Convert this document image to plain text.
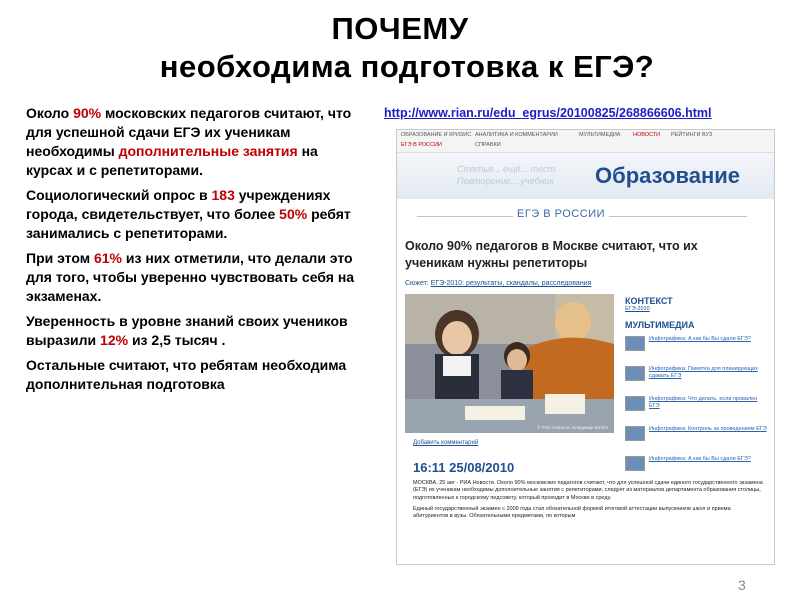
ПОЧЕМУ
необходима подготовка к ЕГЭ?

Около 90% московских педагогов считают, что для успешной сдачи ЕГЭ их ученикам необходимы дополнительные занятия на курсах и с репетиторами.

Социологический опрос в 183 учреждениях города, свидетельствует, что более 50% ребят занимались с репетиторами.

При этом 61% из них отметили, что делали это для того, чтобы уверенно чувствовать себя на экзаменах.

Уверенность в уровне знаний своих учеников выразили 12% из 2,5 тысяч .

Остальные считают, что ребятам необходима дополнительная подготовка

http://www.rian.ru/edu_egrus/20100825/268866606.html
ОБРАЗОВАНИЕ И КРИЗИС АНАЛИТИКА И КОММЕНТАРИИ	МУЛЬТИМЕДИА НОВОСТИ РЕЙТИНГИ ВУЗ
ЕГЭ В РОССИИ	СПРАВКИ
Статья... ещё... тест. Повторение... учебник	Образование
ЕГЭ В РОССИИ
Около 90% педагогов в Москве считают, что их ученикам нужны репетиторы
Сюжет: ЕГЭ-2010: результаты, скандалы, расследования
© РИА Новости. Владимир Вятkin
КОНТЕКСТ
ЕГЭ-2010
МУЛЬТИМЕДИА
Инфографика: А как бы Вы сдали ЕГЭ?
Инфографика: Памятка для планирующих сдавать ЕГЭ
Инфографика: Что делать, если провален ЕГЭ
Инфографика: Контроль за проведением ЕГЭ
Инфографика: А как бы Вы сдали ЕГЭ?
Добавить комментарий
16:11 25/08/2010

МОСКВА, 25 авг - РИА Новости. Около 90% московских педагогов считают, что для успешной сдачи единого государственного экзамена (ЕГЭ) их ученикам необходимы дополнительные занятия с репетиторами, следует из материалов департамента образования столицы, подготовленных к городскому педсовету, который проходит в Москве в среду.

Единый государственный экзамен с 2009 года стал обязательной формой итоговой аттестации выпускников школ и приема абитуриентов в вузы. Обязательными предметами, по которым

3
